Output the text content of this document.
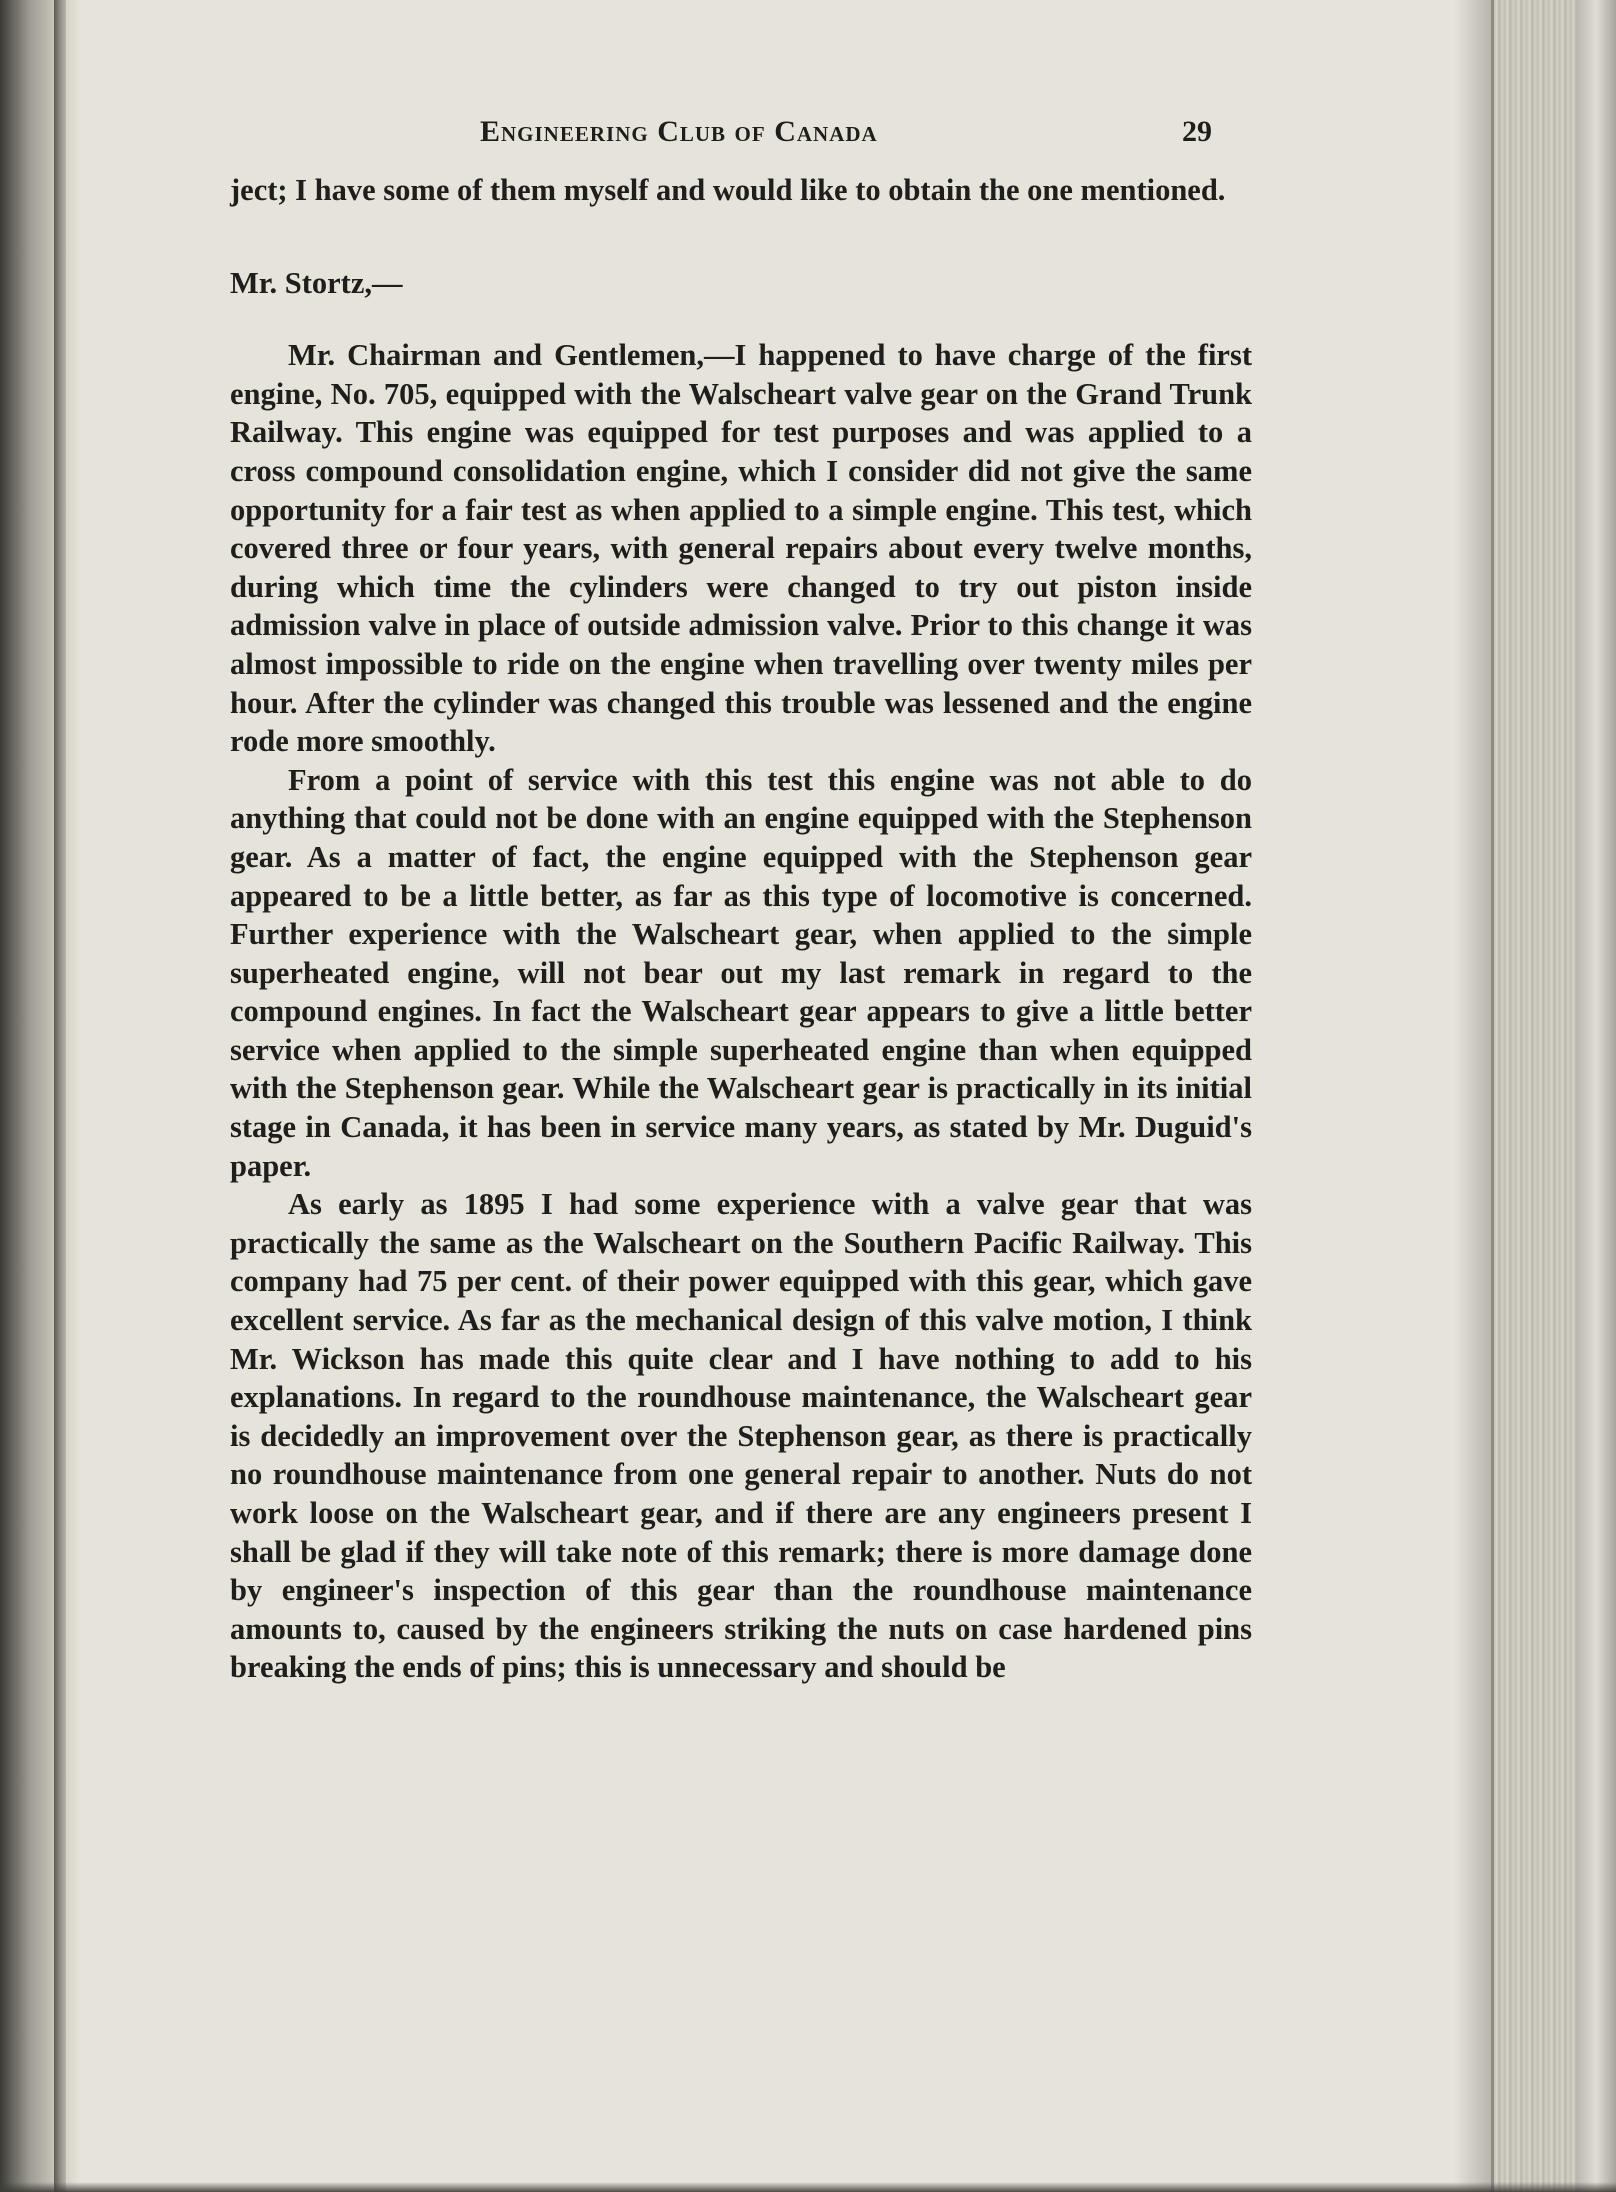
Engineering Club of Canada	29

ject; I have some of them myself and would like to obtain the one mentioned.

Mr. Stortz,—

Mr. Chairman and Gentlemen,—I happened to have charge of the first engine, No. 705, equipped with the Walscheart valve gear on the Grand Trunk Railway. This engine was equipped for test purposes and was applied to a cross compound consolidation engine, which I consider did not give the same opportunity for a fair test as when applied to a simple engine. This test, which covered three or four years, with general repairs about every twelve months, during which time the cylinders were changed to try out piston inside admission valve in place of outside admission valve. Prior to this change it was almost impossible to ride on the engine when travelling over twenty miles per hour. After the cylinder was changed this trouble was lessened and the engine rode more smoothly.

From a point of service with this test this engine was not able to do anything that could not be done with an engine equipped with the Stephenson gear. As a matter of fact, the engine equipped with the Stephenson gear appeared to be a little better, as far as this type of locomotive is concerned. Further experience with the Walscheart gear, when applied to the simple superheated engine, will not bear out my last remark in regard to the compound engines. In fact the Walscheart gear appears to give a little better service when applied to the simple superheated engine than when equipped with the Stephenson gear. While the Walscheart gear is practically in its initial stage in Canada, it has been in service many years, as stated by Mr. Duguid's paper.

As early as 1895 I had some experience with a valve gear that was practically the same as the Walscheart on the Southern Pacific Railway. This company had 75 per cent. of their power equipped with this gear, which gave excellent service. As far as the mechanical design of this valve motion, I think Mr. Wickson has made this quite clear and I have nothing to add to his explanations. In regard to the roundhouse maintenance, the Walscheart gear is decidedly an improvement over the Stephenson gear, as there is practically no roundhouse maintenance from one general repair to another. Nuts do not work loose on the Walscheart gear, and if there are any engineers present I shall be glad if they will take note of this remark; there is more damage done by engineer's inspection of this gear than the roundhouse maintenance amounts to, caused by the engineers striking the nuts on case hardened pins breaking the ends of pins; this is unnecessary and should be
